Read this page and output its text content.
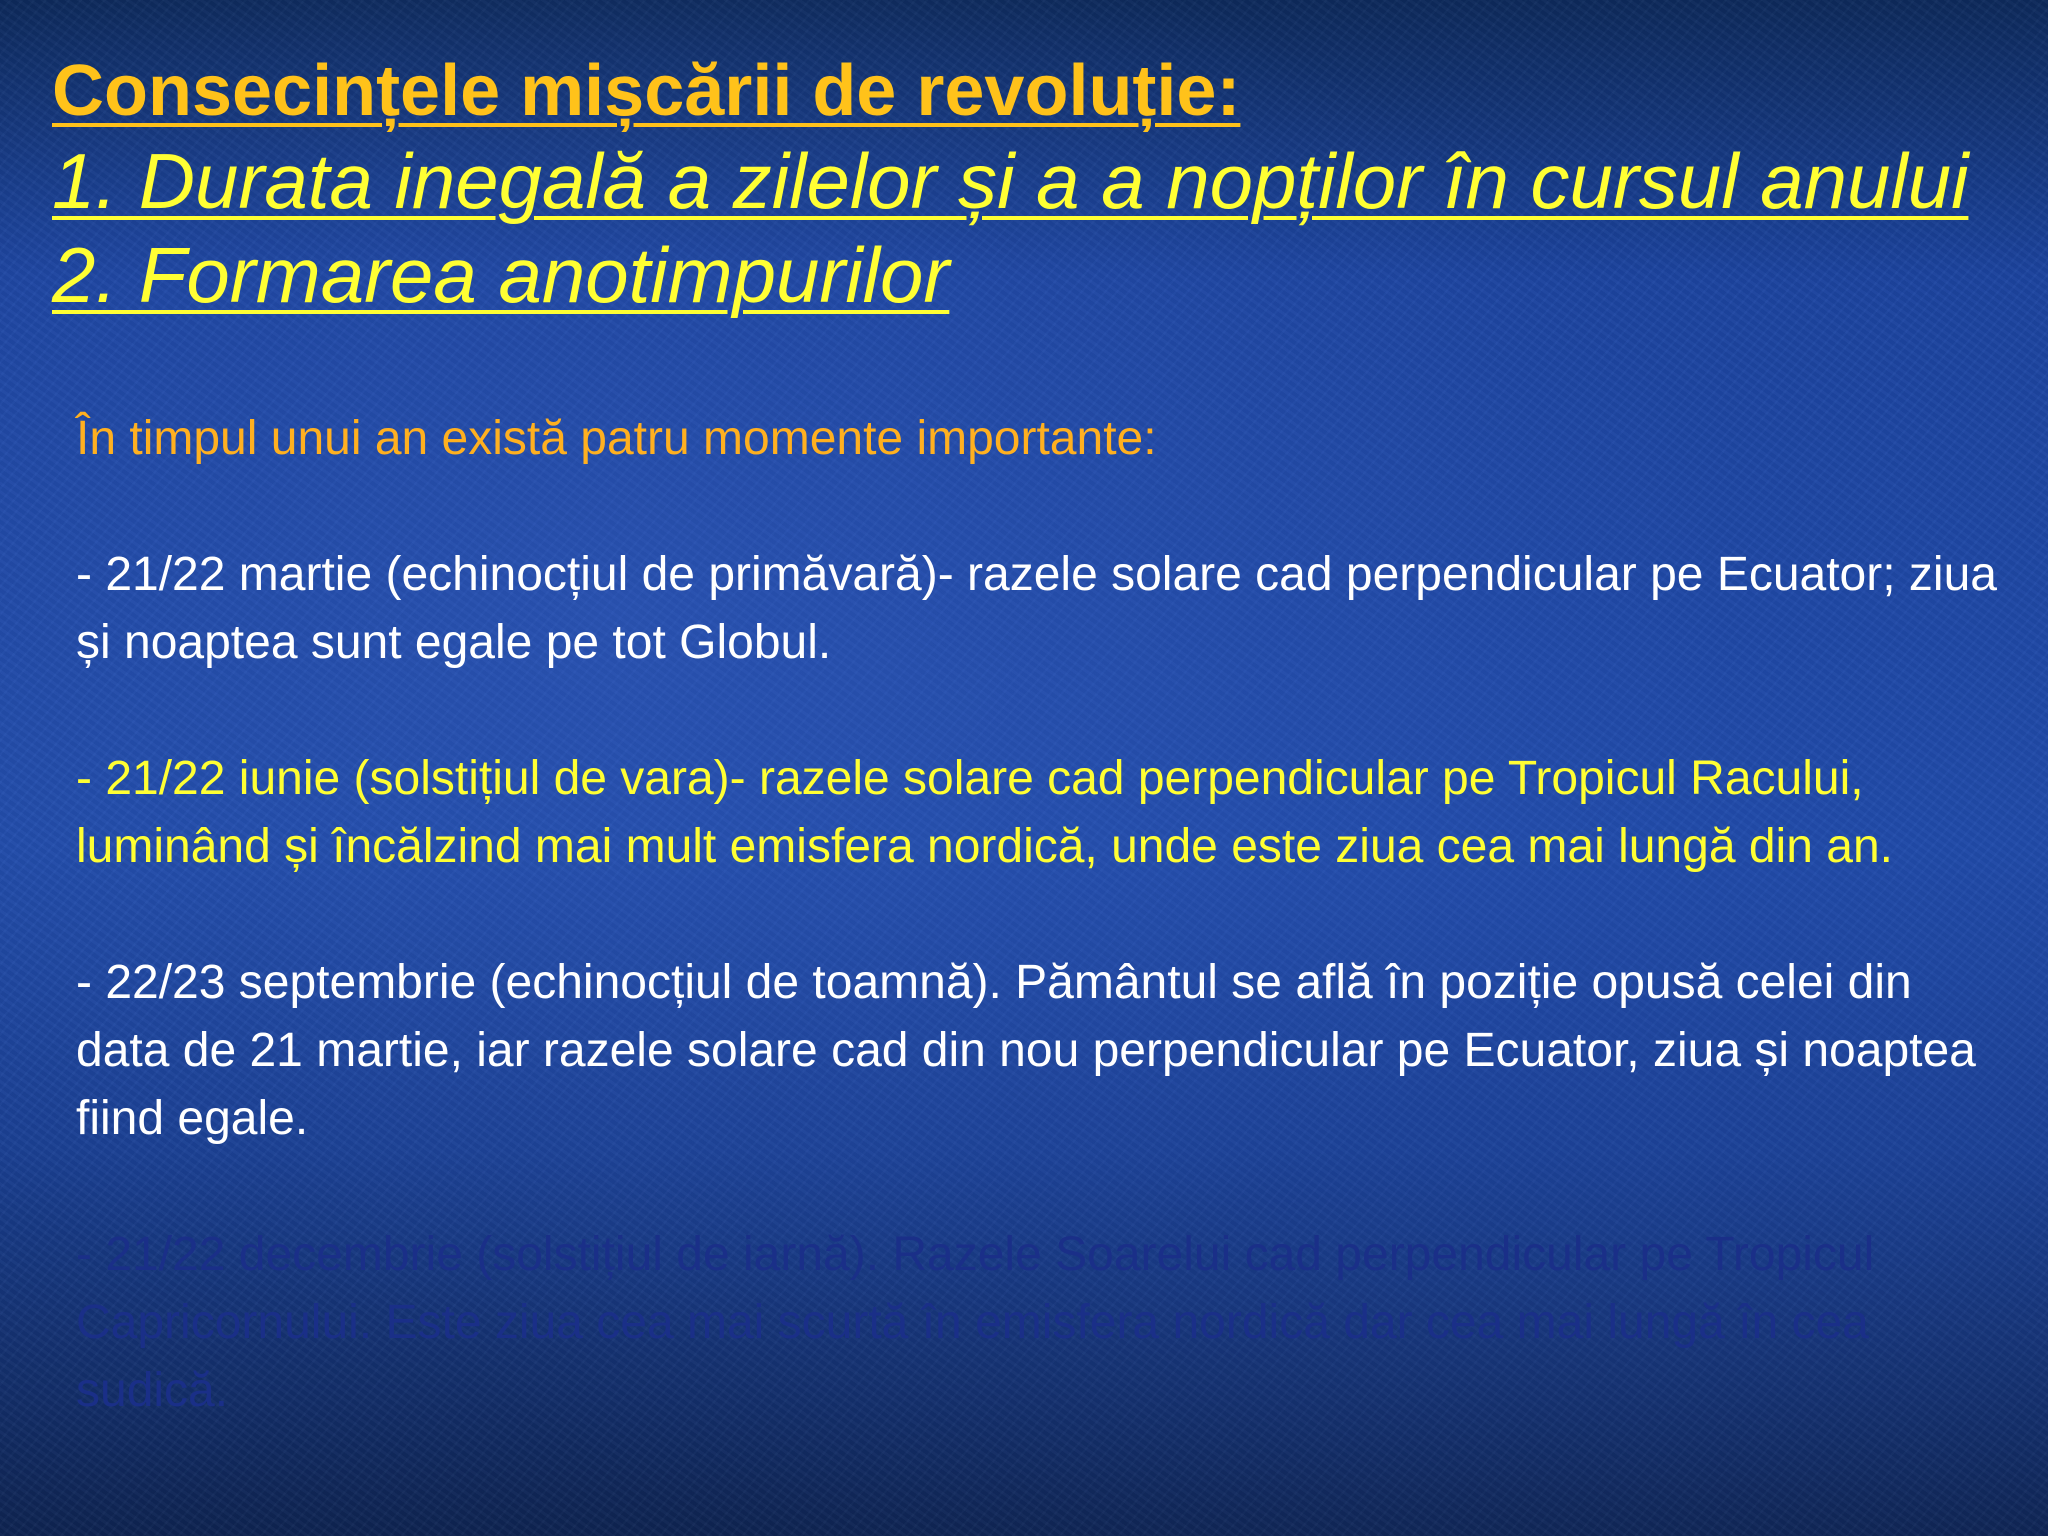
Consecințele mișcării de revoluție:
1. Durata inegală a zilelor și a a nopților în cursul anului
2. Formarea anotimpurilor

În timpul unui an există patru momente importante:

- 21/22 martie (echinocțiul de primăvară)- razele solare cad perpendicular pe Ecuator; ziua și noaptea sunt egale pe tot Globul.

- 21/22 iunie (solstițiul de vara)- razele solare cad perpendicular pe Tropicul Racului, luminând și încălzind mai mult emisfera nordică, unde este ziua cea mai lungă din an.

- 22/23 septembrie (echinocțiul de toamnă). Pământul se află în poziție opusă celei din data de 21 martie, iar razele solare cad din nou perpendicular pe Ecuator, ziua și noaptea fiind egale.

- 21/22 decembrie (solstițiul de iarnă). Razele Soarelui cad perpendicular pe Tropicul Capricornului. Este ziua cea mai scurtă în emisfera nordică dar cea mai lungă în cea sudică.
